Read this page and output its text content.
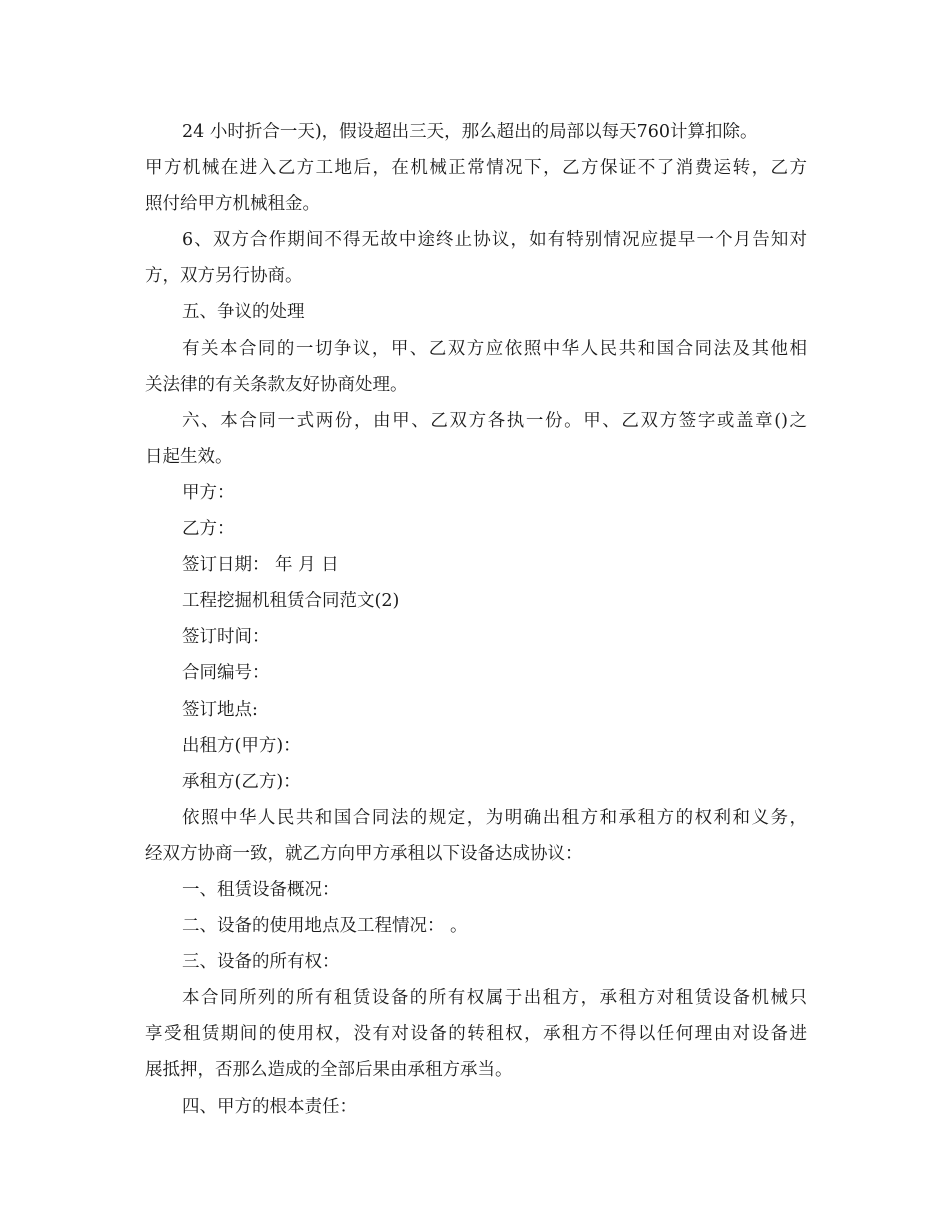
24 小时折合一天)，假设超出三天，那么超出的局部以每天760计算扣除。
甲方机械在进入乙方工地后，在机械正常情况下，乙方保证不了消费运转，乙方
照付给甲方机械租金。
6、双方合作期间不得无故中途终止协议，如有特别情况应提早一个月告知对
方，双方另行协商。
五、争议的处理
有关本合同的一切争议，甲、乙双方应依照中华人民共和国合同法及其他相
关法律的有关条款友好协商处理。
六、本合同一式两份，由甲、乙双方各执一份。甲、乙双方签字或盖章()之
日起生效。
甲方：
乙方：
签订日期： 年 月 日
工程挖掘机租赁合同范文(2)
签订时间：
合同编号：
签订地点:
出租方(甲方)：
承租方(乙方)：
依照中华人民共和国合同法的规定，为明确出租方和承租方的权利和义务，
经双方协商一致，就乙方向甲方承租以下设备达成协议：
一、租赁设备概况：
二、设备的使用地点及工程情况： 。
三、设备的所有权：
本合同所列的所有租赁设备的所有权属于出租方，承租方对租赁设备机械只
享受租赁期间的使用权，没有对设备的转租权，承租方不得以任何理由对设备进
展抵押，否那么造成的全部后果由承租方承当。
四、甲方的根本责任：
